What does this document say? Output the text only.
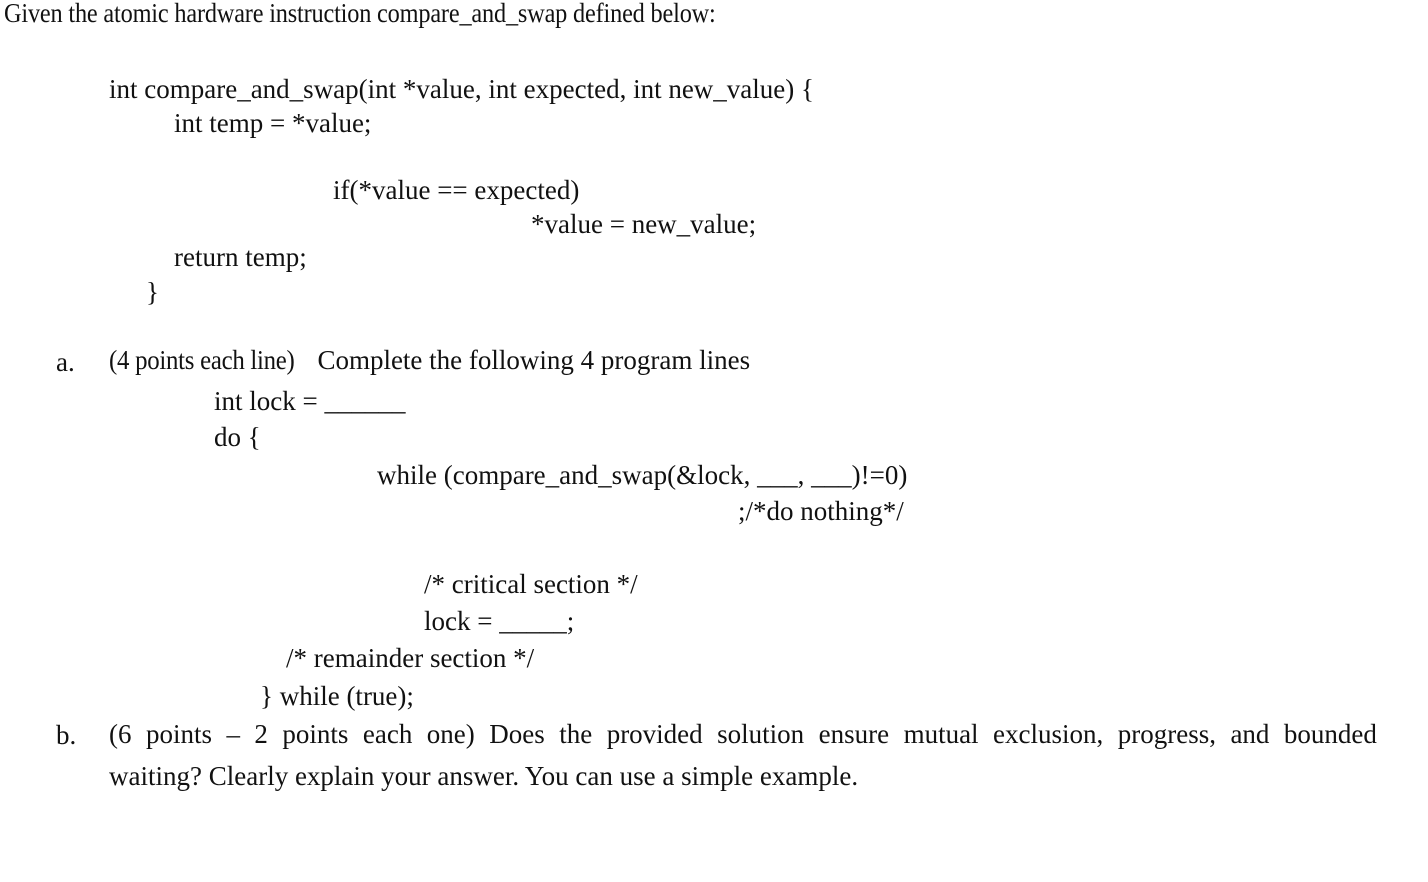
Given the atomic hardware instruction compare_and_swap defined below:
int compare_and_swap(int *value, int expected, int new_value) {
int temp = *value;
if(*value == expected)
*value = new_value;
return temp;
}
a. (4 points each line) Complete the following 4 program lines
int lock = ______
do {
while (compare_and_swap(&lock, ___, ___)!=0)
;/*do nothing*/
/* critical section */
lock = _____;
/* remainder section */
} while (true);
b. (6 points – 2 points each one) Does the provided solution ensure mutual exclusion, progress, and bounded
waiting? Clearly explain your answer. You can use a simple example.
